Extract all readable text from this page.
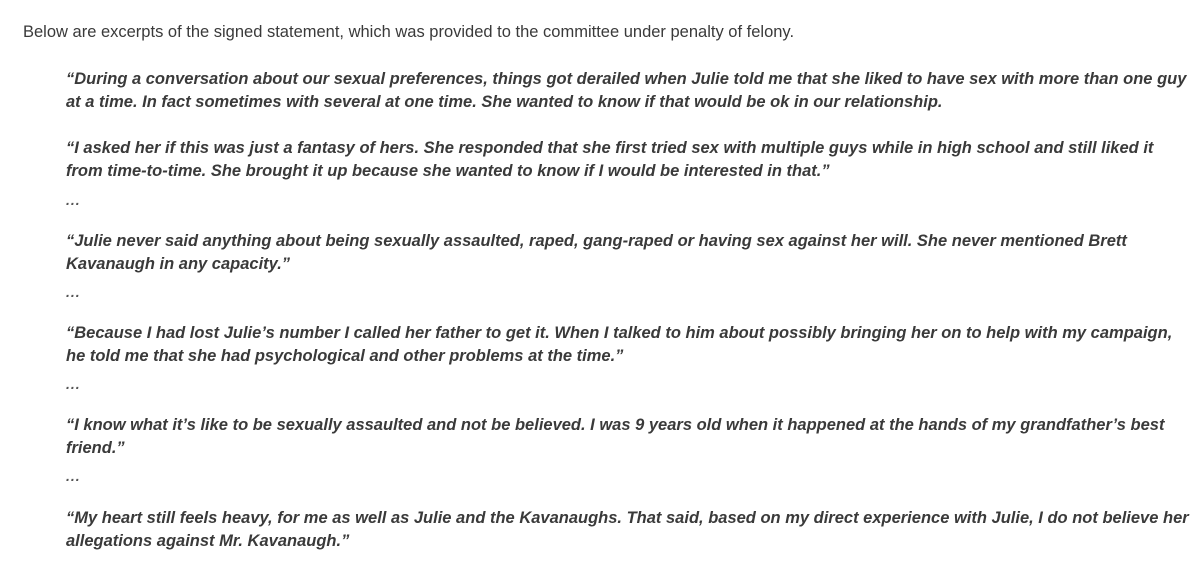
Below are excerpts of the signed statement, which was provided to the committee under penalty of felony.

“During a conversation about our sexual preferences, things got derailed when Julie told me that she liked to have sex with more than one guy at a time. In fact sometimes with several at one time. She wanted to know if that would be ok in our relationship.

“I asked her if this was just a fantasy of hers. She responded that she first tried sex with multiple guys while in high school and still liked it from time-to-time. She brought it up because she wanted to know if I would be interested in that.”

...

“Julie never said anything about being sexually assaulted, raped, gang-raped or having sex against her will. She never mentioned Brett Kavanaugh in any capacity.”

...

“Because I had lost Julie’s number I called her father to get it. When I talked to him about possibly bringing her on to help with my campaign, he told me that she had psychological and other problems at the time.”

...

“I know what it’s like to be sexually assaulted and not be believed. I was 9 years old when it happened at the hands of my grandfather’s best friend.”

...

“My heart still feels heavy, for me as well as Julie and the Kavanaughs. That said, based on my direct experience with Julie, I do not believe her allegations against Mr. Kavanaugh.”
